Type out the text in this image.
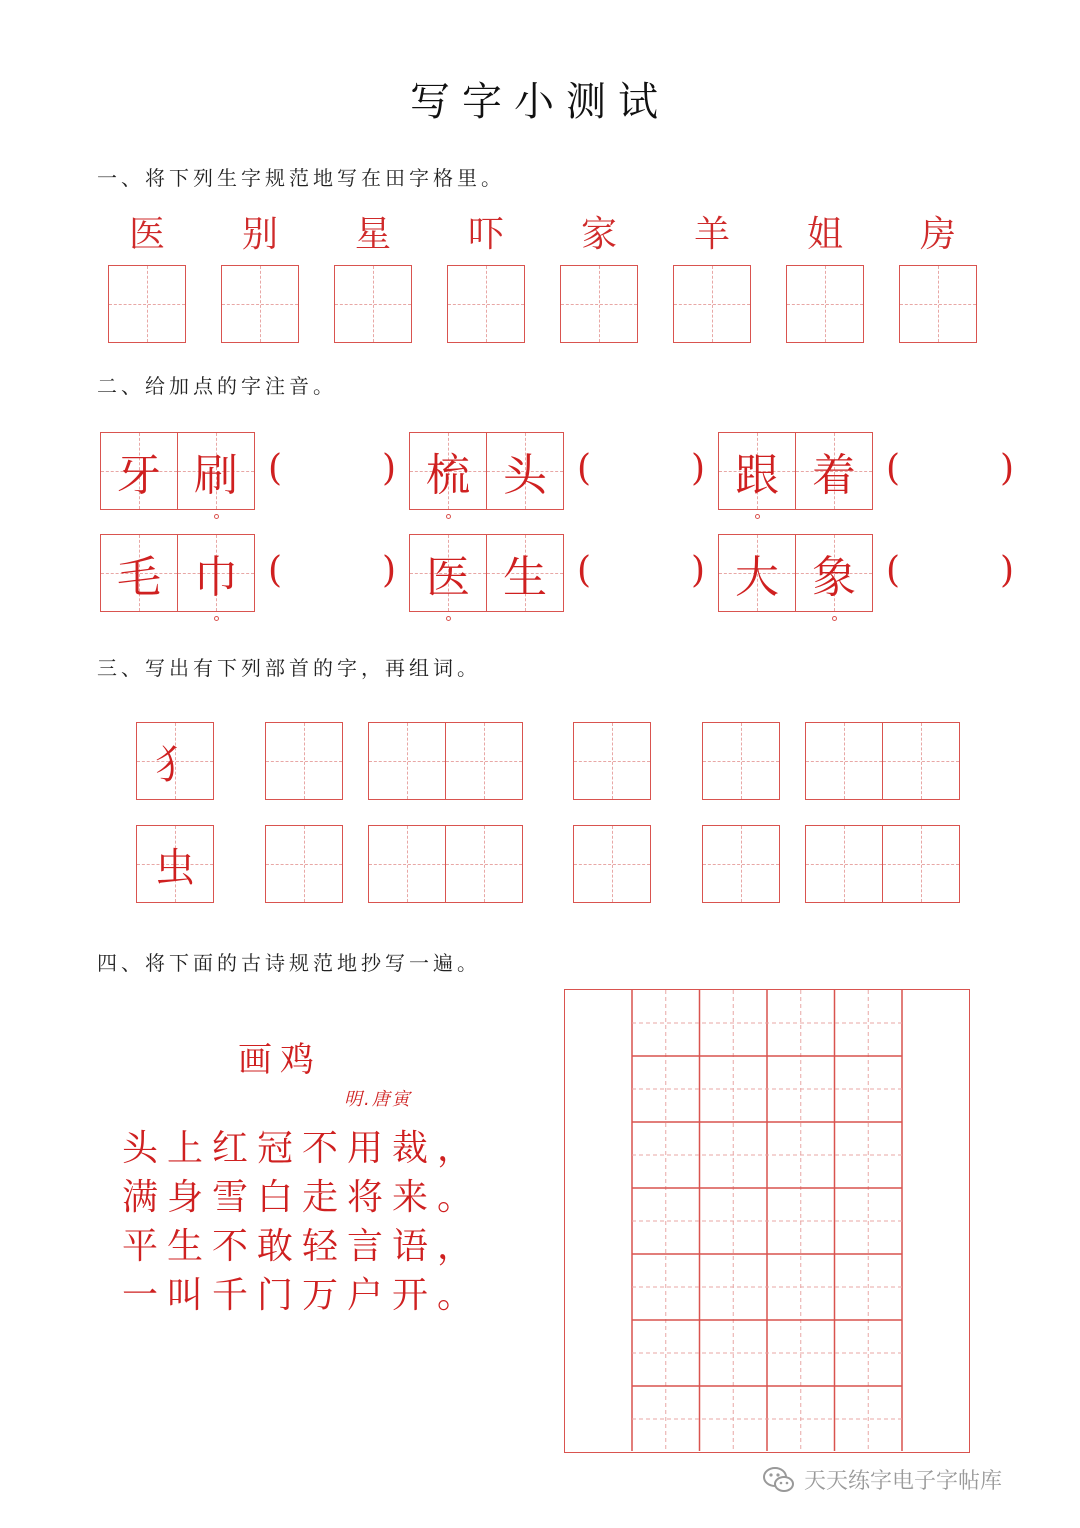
写字小测试
一、将下列生字规范地写在田字格里。
二、给加点的字注音。
三、写出有下列部首的字，再组词。
四、将下面的古诗规范地抄写一遍。
画鸡
明.唐寅
天天练字电子字帖库
医	别	星	吓	家	羊	姐	房
牙 刷 (	) 梳 头 (	) 跟 着 (	)
毛 巾 (	) 医 生 (	) 大 象 (	)
犭
虫
头上红冠不用裁，
满身雪白走将来。
平生不敢轻言语，
一叫千门万户开。
